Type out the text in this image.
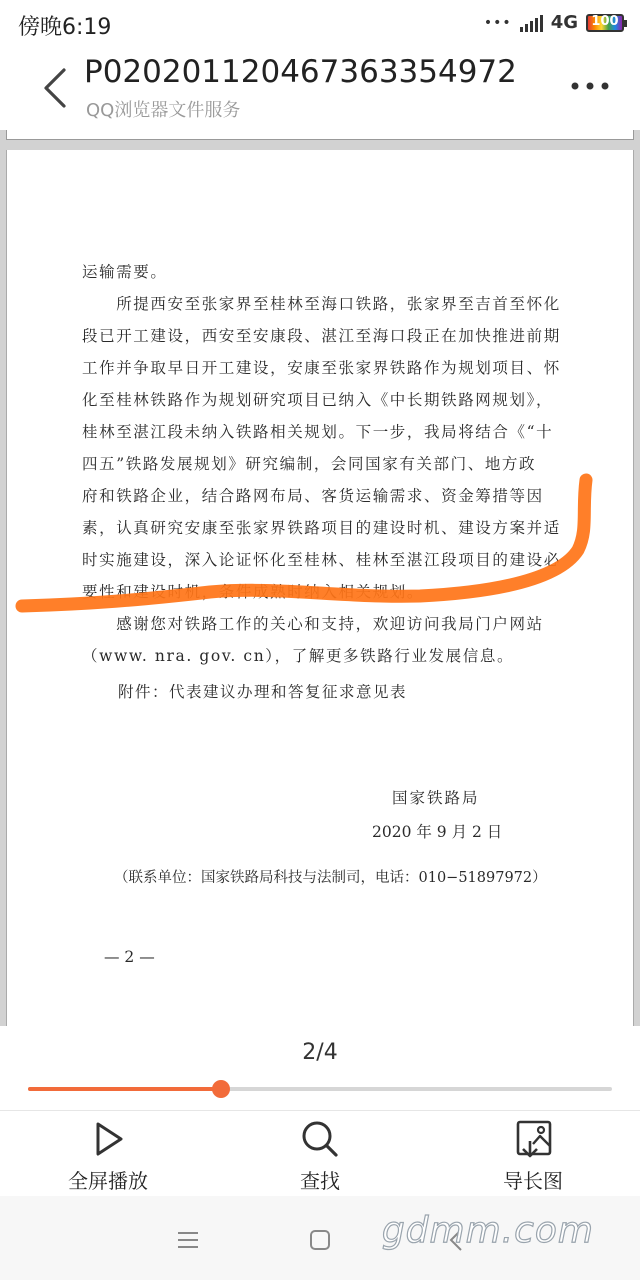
傍晚6:19	••• 4G 100
P020201120467363354972
QQ浏览器文件服务
运输需要。
　　所提西安至张家界至桂林至海口铁路，张家界至吉首至怀化
段已开工建设，西安至安康段、湛江至海口段正在加快推进前期
工作并争取早日开工建设，安康至张家界铁路作为规划项目、怀
化至桂林铁路作为规划研究项目已纳入《中长期铁路网规划》，
桂林至湛江段未纳入铁路相关规划。下一步，我局将结合《“十
四五”铁路发展规划》研究编制，会同国家有关部门、地方政
府和铁路企业，结合路网布局、客货运输需求、资金筹措等因
素，认真研究安康至张家界铁路项目的建设时机、建设方案并适
时实施建设，深入论证怀化至桂林、桂林至湛江段项目的建设必
要性和建设时机，条件成熟时纳入相关规划。
　　感谢您对铁路工作的关心和支持，欢迎访问我局门户网站
（www. nra. gov. cn），了解更多铁路行业发展信息。
附件：代表建议办理和答复征求意见表
国家铁路局
2020 年 9 月 2 日
（联系单位：国家铁路局科技与法制司，电话：010−51897972）
— 2 —
2/4
全屏播放	查找	导长图
gdmm.com
